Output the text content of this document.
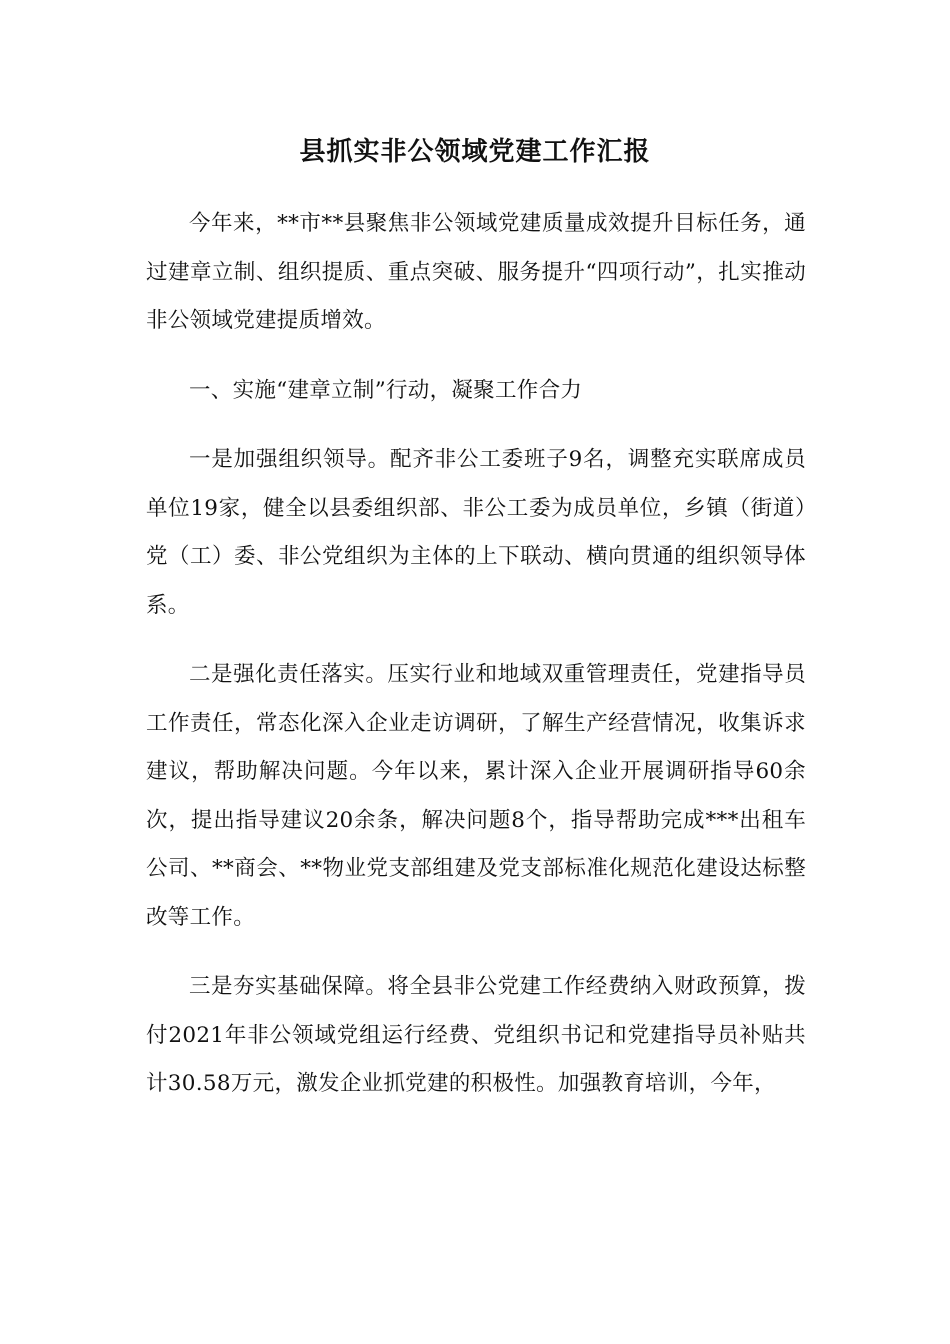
县抓实非公领域党建工作汇报

今年来，**市**县聚焦非公领域党建质量成效提升目标任务，通过建章立制、组织提质、重点突破、服务提升“四项行动”，扎实推动非公领域党建提质增效。

一、实施“建章立制”行动，凝聚工作合力

一是加强组织领导。配齐非公工委班子9名，调整充实联席成员单位19家，健全以县委组织部、非公工委为成员单位，乡镇（街道）党（工）委、非公党组织为主体的上下联动、横向贯通的组织领导体系。

二是强化责任落实。压实行业和地域双重管理责任，党建指导员工作责任，常态化深入企业走访调研，了解生产经营情况，收集诉求建议，帮助解决问题。今年以来，累计深入企业开展调研指导60余次，提出指导建议20余条，解决问题8个，指导帮助完成***出租车公司、**商会、**物业党支部组建及党支部标准化规范化建设达标整改等工作。

三是夯实基础保障。将全县非公党建工作经费纳入财政预算，拨付2021年非公领域党组运行经费、党组织书记和党建指导员补贴共计30.58万元，激发企业抓党建的积极性。加强教育培训，今年，
